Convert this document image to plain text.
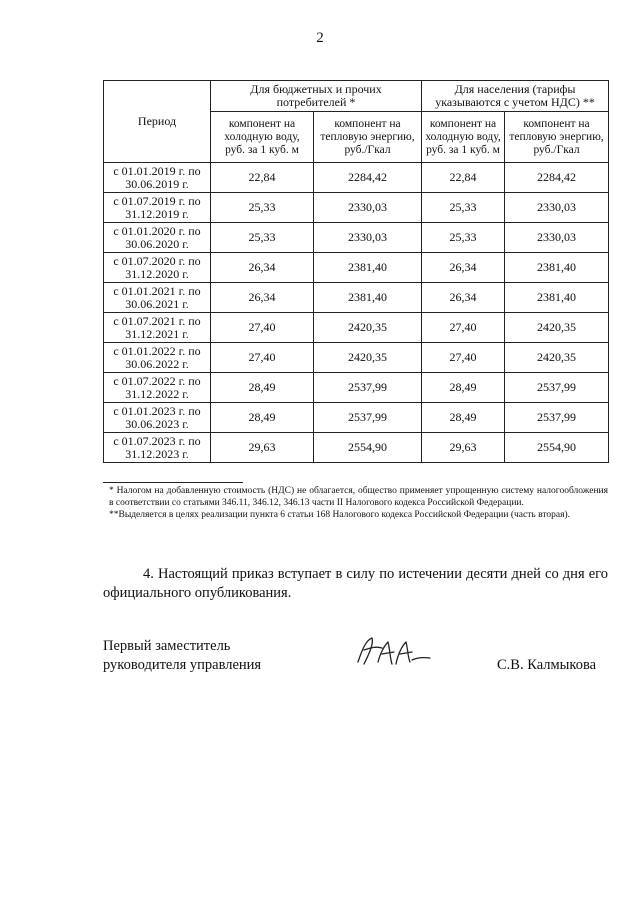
2
Период	Для бюджетных и прочих потребителей *		Для населения (тарифы указываются с учетом НДС) **	
	компонент на холодную воду, руб. за 1 куб. м	компонент на тепловую энергию, руб./Гкал	компонент на холодную воду, руб. за 1 куб. м	компонент на тепловую энергию, руб./Гкал
с 01.01.2019 г. по 30.06.2019 г.	22,84	2284,42	22,84	2284,42
с 01.07.2019 г. по 31.12.2019 г.	25,33	2330,03	25,33	2330,03
с 01.01.2020 г. по 30.06.2020 г.	25,33	2330,03	25,33	2330,03
с 01.07.2020 г. по 31.12.2020 г.	26,34	2381,40	26,34	2381,40
с 01.01.2021 г. по 30.06.2021 г.	26,34	2381,40	26,34	2381,40
с 01.07.2021 г. по 31.12.2021 г.	27,40	2420,35	27,40	2420,35
с 01.01.2022 г. по 30.06.2022 г.	27,40	2420,35	27,40	2420,35
с 01.07.2022 г. по 31.12.2022 г.	28,49	2537,99	28,49	2537,99
с 01.01.2023 г. по 30.06.2023 г.	28,49	2537,99	28,49	2537,99
с 01.07.2023 г. по 31.12.2023 г.	29,63	2554,90	29,63	2554,90

* Налогом на добавленную стоимость (НДС) не облагается, общество применяет упрощенную систему налогообложения в соответствии со статьями 346.11, 346.12, 346.13 части II Налогового кодекса Российской Федерации.

**Выделяется в целях реализации пункта 6 статьи 168 Налогового кодекса Российской Федерации (часть вторая).

4. Настоящий приказ вступает в силу по истечении десяти дней со дня его официального опубликования.
Первый заместитель
руководителя управления	С.В. Калмыкова
